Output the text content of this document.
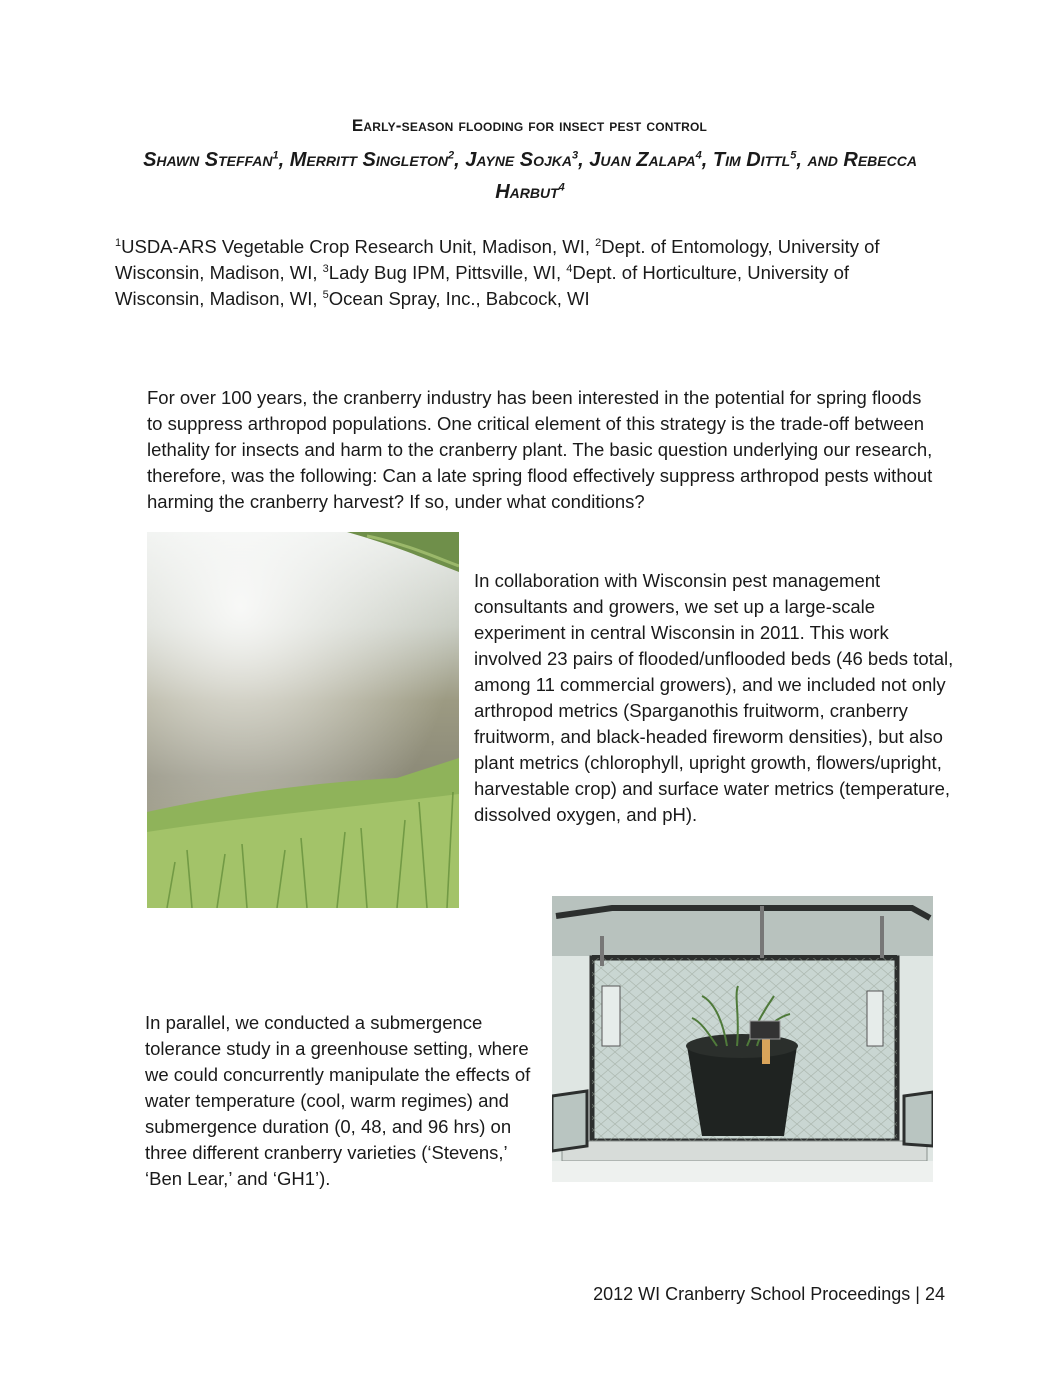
Early-season flooding for insect pest control
Shawn Steffan$^1$, Merritt Singleton$^2$, Jayne Sojka$^3$, Juan Zalapa$^4$, Tim Dittl$^5$, and Rebecca Harbut$^4$
$^1$USDA-ARS Vegetable Crop Research Unit, Madison, WI, $^2$Dept. of Entomology, University of Wisconsin, Madison, WI, $^3$Lady Bug IPM, Pittsville, WI, $^4$Dept. of Horticulture, University of Wisconsin, Madison, WI, $^5$Ocean Spray, Inc., Babcock, WI

For over 100 years, the cranberry industry has been interested in the potential for spring floods to suppress arthropod populations. One critical element of this strategy is the trade-off between lethality for insects and harm to the cranberry plant. The basic question underlying our research, therefore, was the following: Can a late spring flood effectively suppress arthropod pests without harming the cranberry harvest? If so, under what conditions?

In collaboration with Wisconsin pest management consultants and growers, we set up a large-scale experiment in central Wisconsin in 2011. This work involved 23 pairs of flooded/unflooded beds (46 beds total, among 11 commercial growers), and we included not only arthropod metrics (Sparganothis fruitworm, cranberry fruitworm, and black-headed fireworm densities), but also plant metrics (chlorophyll, upright growth, flowers/upright, harvestable crop) and surface water metrics (temperature, dissolved oxygen, and pH).

In parallel, we conducted a submergence tolerance study in a greenhouse setting, where we could concurrently manipulate the effects of water temperature (cool, warm regimes) and submergence duration (0, 48, and 96 hrs) on three different cranberry varieties (‘Stevens,’ ‘Ben Lear,’ and ‘GH1’).

2012 WI Cranberry School Proceedings | 24
